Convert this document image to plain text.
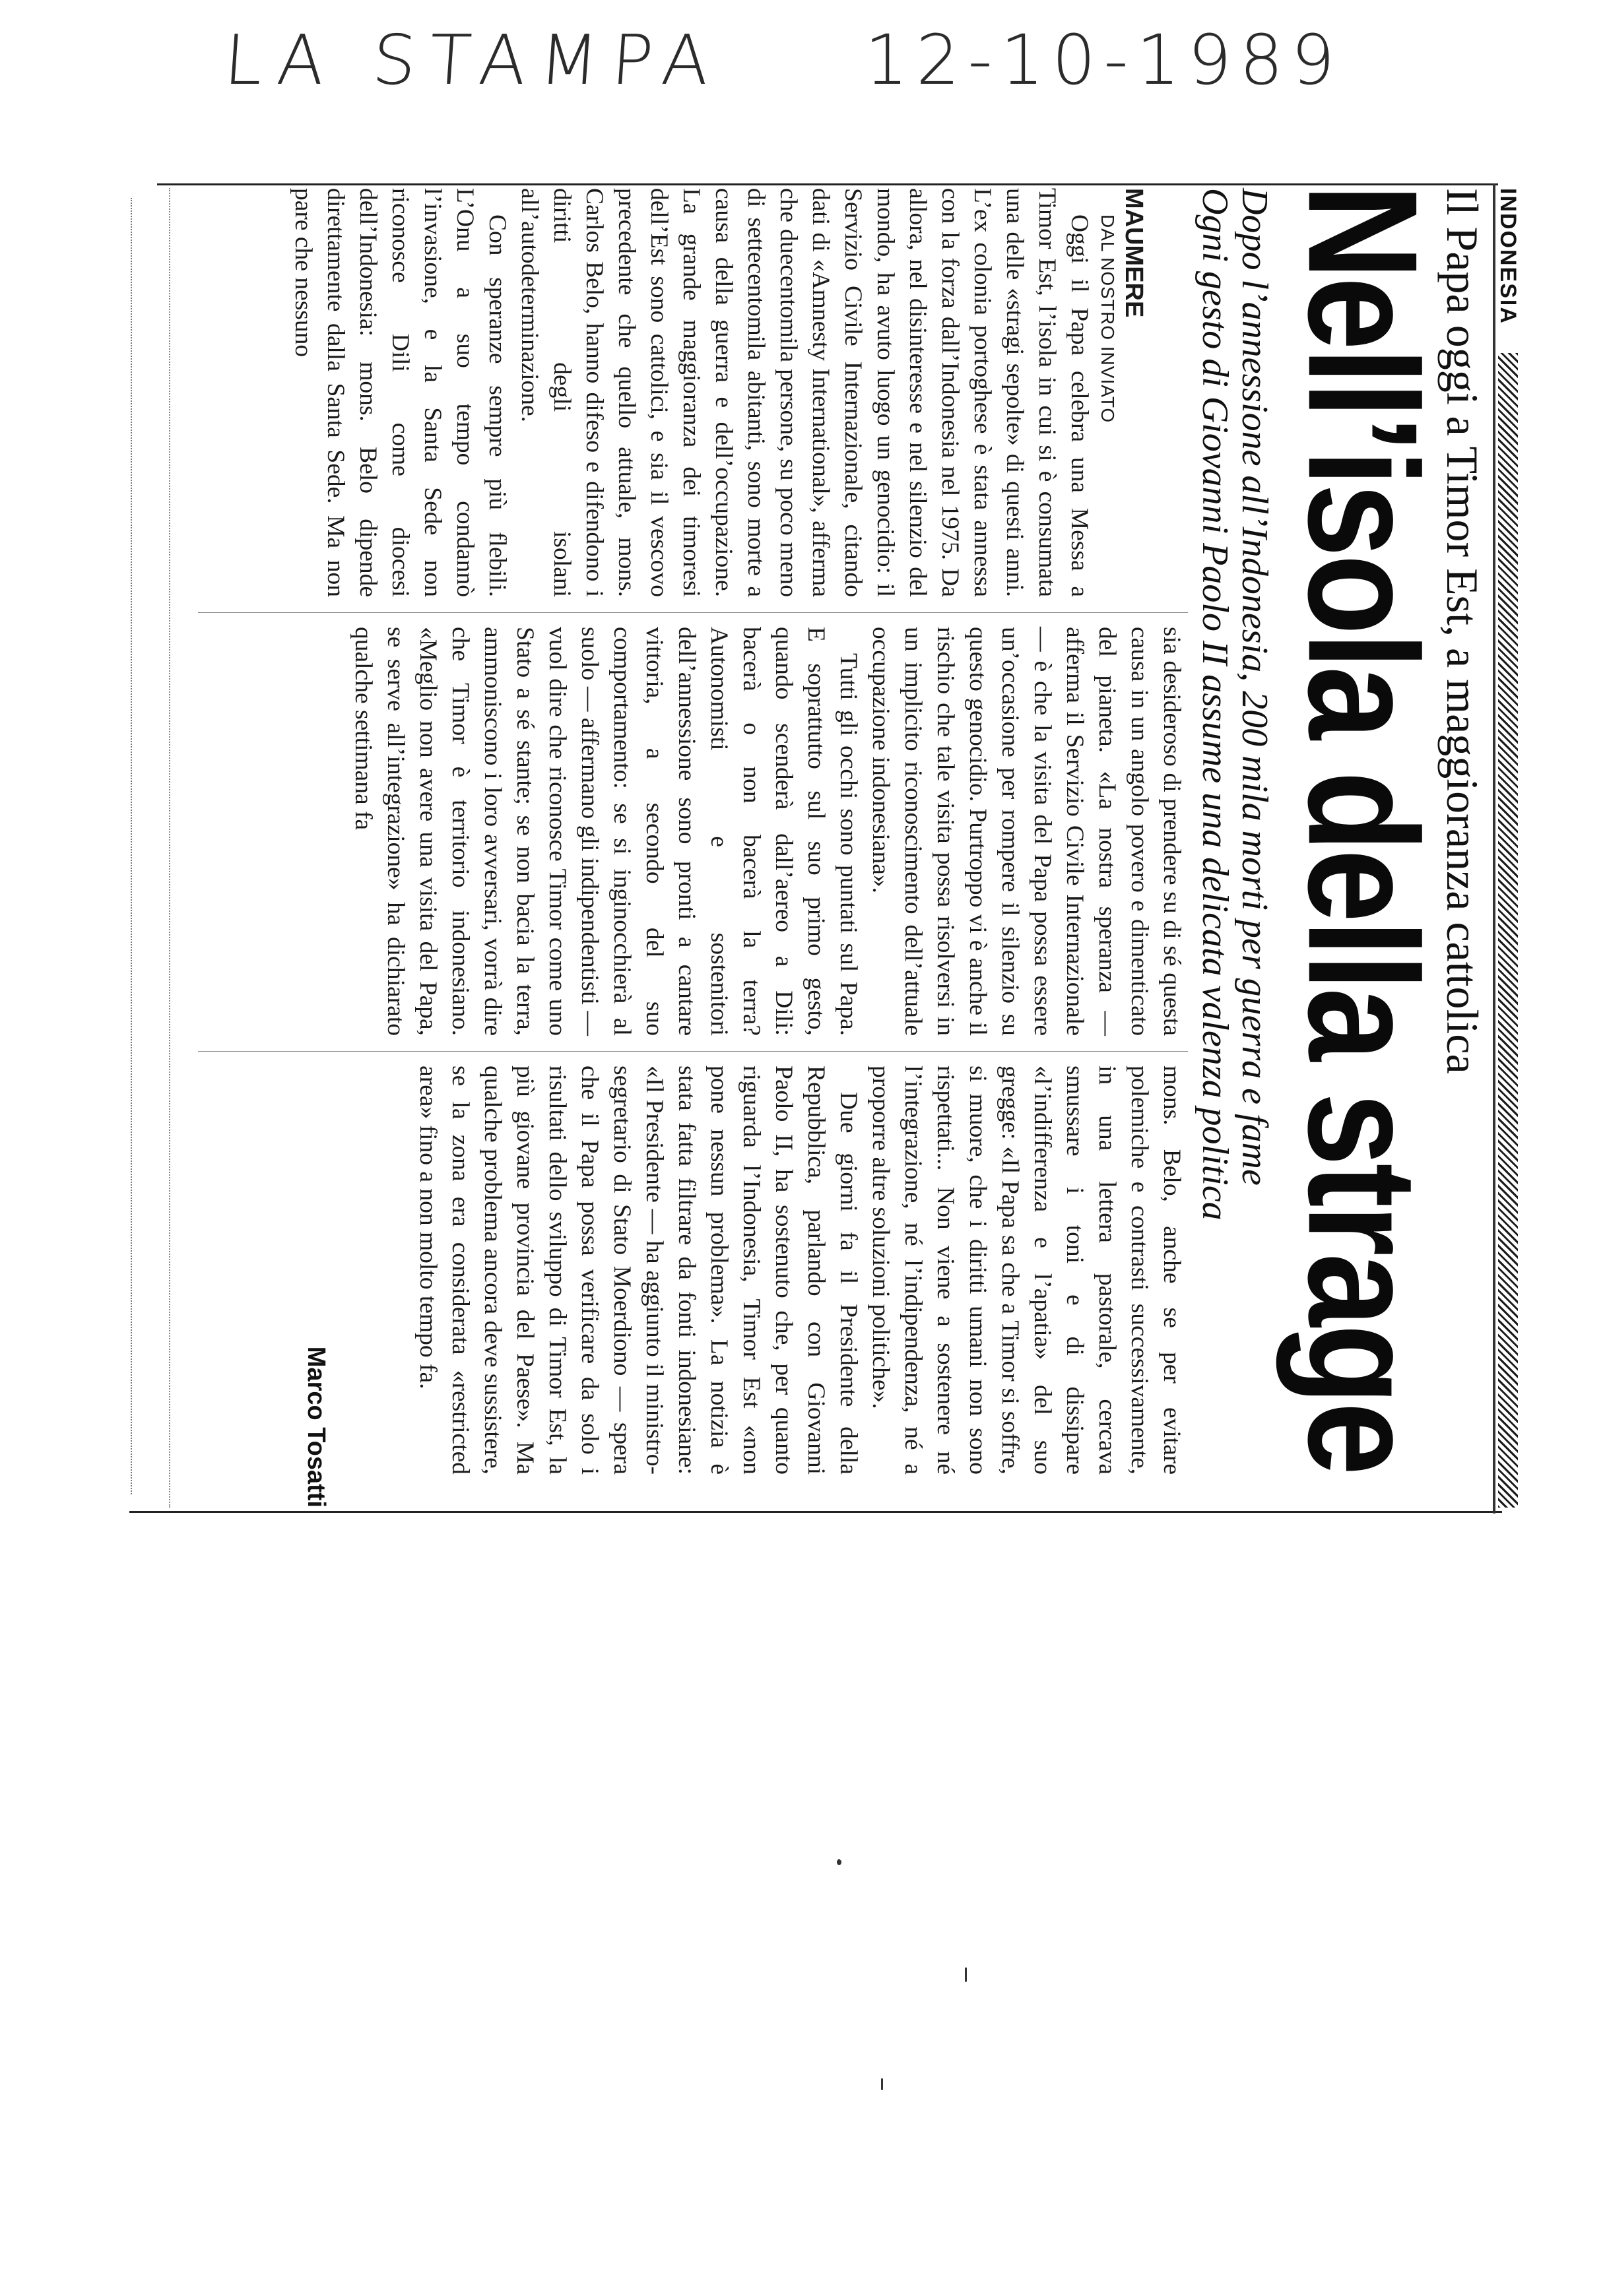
LA STAMPA 12-10-1989
INDONESIA
Il Papa oggi a Timor Est, a maggioranza cattolica
Nell’isola della strage
Dopo l’annessione all’Indonesia, 200 mila morti per guerra e fame
Ogni gesto di Giovanni Paolo II assume una delicata valenza politica

MAUMERE

DAL NOSTRO INVIATO

Oggi il Papa celebra una Messa a Timor Est, l’isola in cui si è consumata una delle «stragi sepolte» di questi anni. L’ex colonia portoghese è stata annessa con la forza dall’Indonesia nel 1975. Da allora, nel disinteresse e nel silenzio del mondo, ha avuto luogo un genocidio: il Servizio Civile Internazionale, citando dati di «Amnesty International», afferma che duecentomila persone, su poco meno di settecentomila abitanti, sono morte a causa della guerra e dell’occupazione. La grande maggioranza dei timoresi dell’Est sono cattolici, e sia il vescovo precedente che quello attuale, mons. Carlos Belo, hanno difeso e difendono i diritti degli isolani all’autodeterminazione.

Con speranze sempre più flebili. L’Onu a suo tempo condannò l’invasione, e la Santa Sede non riconosce Dili come diocesi dell’Indonesia: mons. Belo dipende direttamente dalla Santa Sede. Ma non pare che nessuno

sia desideroso di prendere su di sé questa causa in un angolo povero e dimenticato del pianeta. «La nostra speranza — afferma il Servizio Civile Internazionale — è che la visita del Papa possa essere un’occasione per rompere il silenzio su questo genocidio. Purtroppo vi è anche il rischio che tale visita possa risolversi in un implicito riconoscimento dell’attuale occupazione indonesiana».

Tutti gli occhi sono puntati sul Papa. E soprattutto sul suo primo gesto, quando scenderà dall’aereo a Dili: bacerà o non bacerà la terra? Autonomisti e sostenitori dell’annessione sono pronti a cantare vittoria, a secondo del suo comportamento: se si inginocchierà al suolo — affermano gli indipendentisti — vuol dire che riconosce Timor come uno Stato a sé stante; se non bacia la terra, ammoniscono i loro avversari, vorrà dire che Timor è territorio indonesiano. «Meglio non avere una visita del Papa, se serve all’integrazione» ha dichiarato qualche settimana fa

mons. Belo, anche se per evitare polemiche e contrasti successivamente, in una lettera pastorale, cercava smussare i toni e di dissipare «l’indifferenza e l’apatia» del suo gregge: «Il Papa sa che a Timor si soffre, si muore, che i diritti umani non sono rispettati... Non viene a sostenere né l’integrazione, né l’indipendenza, né a proporre altre soluzioni politiche».

Due giorni fa il Presidente della Repubblica, parlando con Giovanni Paolo II, ha sostenuto che, per quanto riguarda l’Indonesia, Timor Est «non pone nessun problema». La notizia è stata fatta filtrare da fonti indonesiane: «Il Presidente — ha aggiunto il ministro-segretario di Stato Moerdiono — spera che il Papa possa verificare da solo i risultati dello sviluppo di Timor Est, la più giovane provincia del Paese». Ma qualche problema ancora deve sussistere, se la zona era considerata «restricted area» fino a non molto tempo fa.

Marco Tosatti
